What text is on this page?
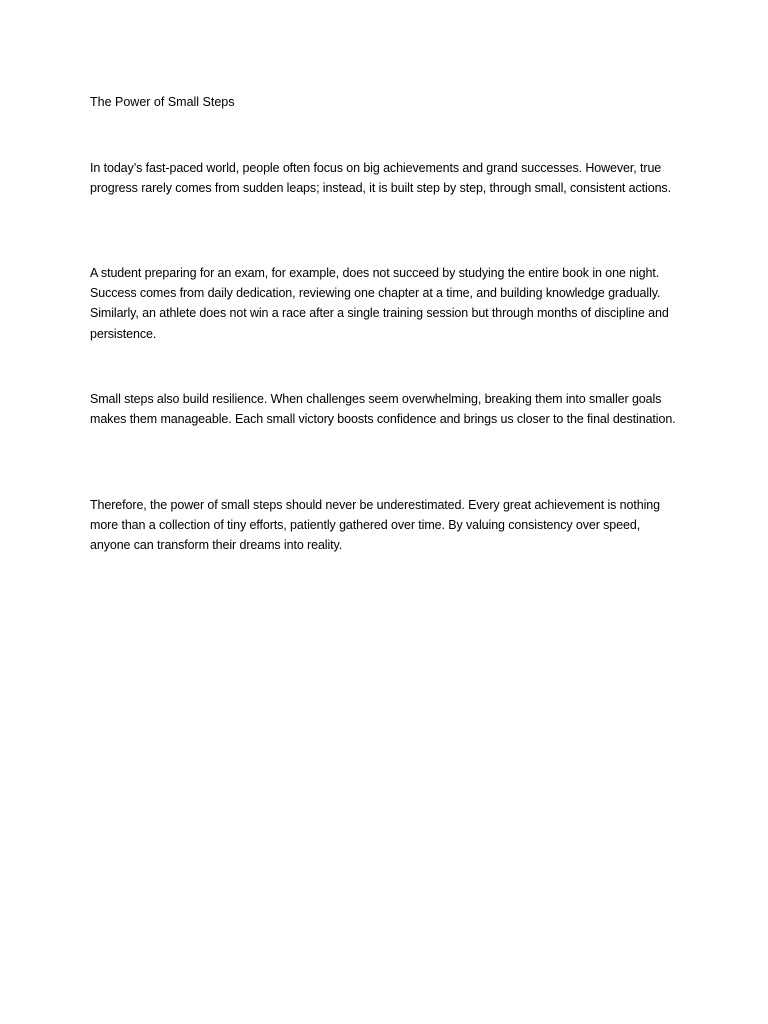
The Power of Small Steps

In today’s fast-paced world, people often focus on big achievements and grand successes. However, true progress rarely comes from sudden leaps; instead, it is built step by step, through small, consistent actions.

A student preparing for an exam, for example, does not succeed by studying the entire book in one night. Success comes from daily dedication, reviewing one chapter at a time, and building knowledge gradually. Similarly, an athlete does not win a race after a single training session but through months of discipline and persistence.

Small steps also build resilience. When challenges seem overwhelming, breaking them into smaller goals makes them manageable. Each small victory boosts confidence and brings us closer to the final destination.

Therefore, the power of small steps should never be underestimated. Every great achievement is nothing more than a collection of tiny efforts, patiently gathered over time. By valuing consistency over speed, anyone can transform their dreams into reality.
